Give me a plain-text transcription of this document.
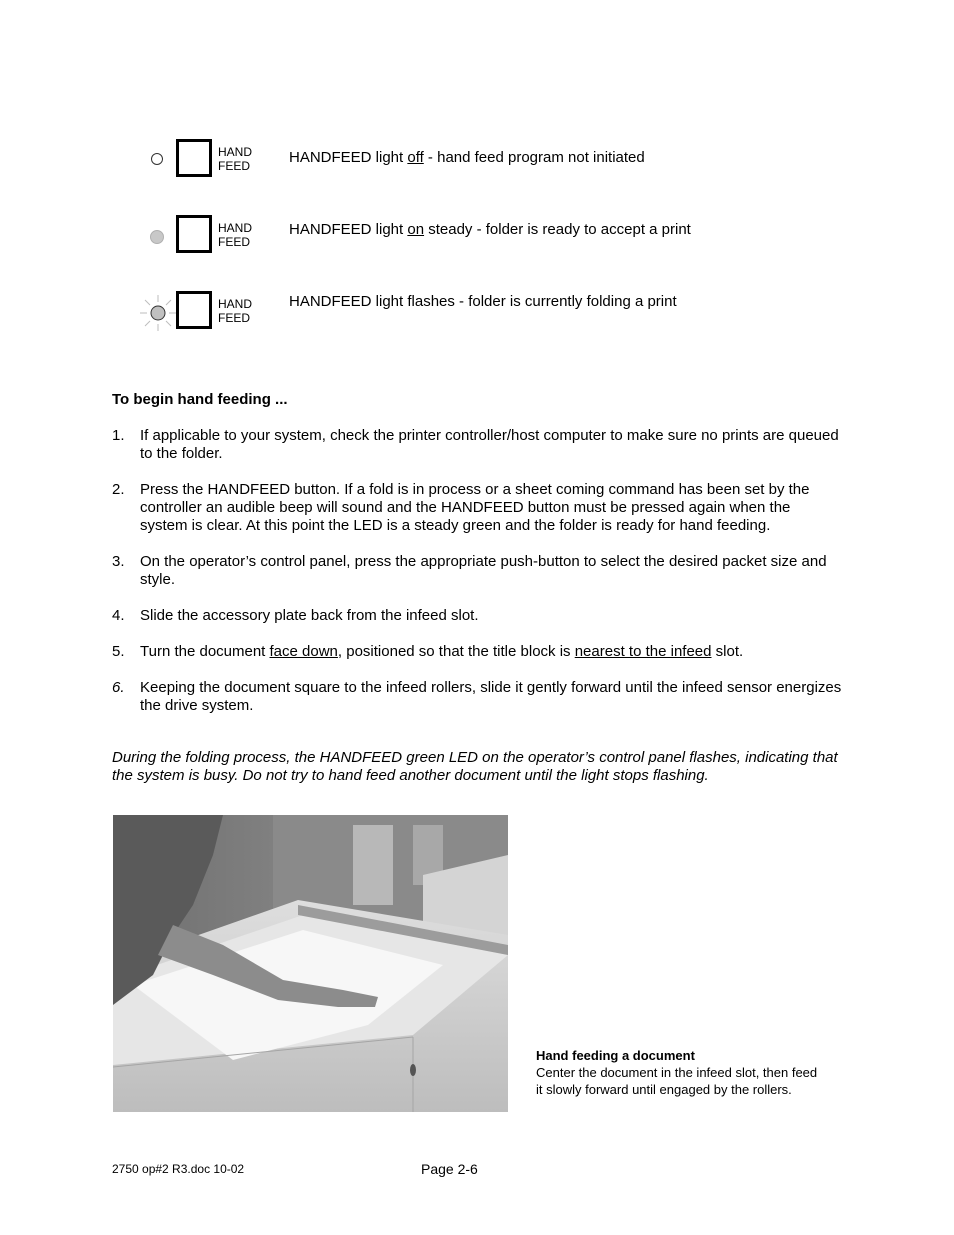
HAND
FEED	HANDFEED light off - hand feed program not initiated
HAND
FEED
HANDFEED light on steady - folder is ready to accept a print
HAND
FEED
HANDFEED light flashes - folder is currently folding a print
To begin hand feeding ...
1. If applicable to your system, check the printer controller/host computer to make sure no prints are queued to the folder.
2. Press the HANDFEED button. If a fold is in process or a sheet coming command has been set by the controller an audible beep will sound and the HANDFEED button must be pressed again when the system is clear. At this point the LED is a steady green and the folder is ready for hand feeding.
3. On the operator’s control panel, press the appropriate push-button to select the desired packet size and style.
4. Slide the accessory plate back from the infeed slot.
5. Turn the document face down, positioned so that the title block is nearest to the infeed slot.
6. Keeping the document square to the infeed rollers, slide it gently forward until the infeed sensor energizes the drive system.
During the folding process, the HANDFEED green LED on the operator’s control panel flashes, indicating that the system is busy. Do not try to hand feed another document until the light stops flashing.
Hand feeding a document
Center the document in the infeed slot, then feed it slowly forward until engaged by the rollers.
2750 op#2 R3.doc 10-02	Page 2-6
